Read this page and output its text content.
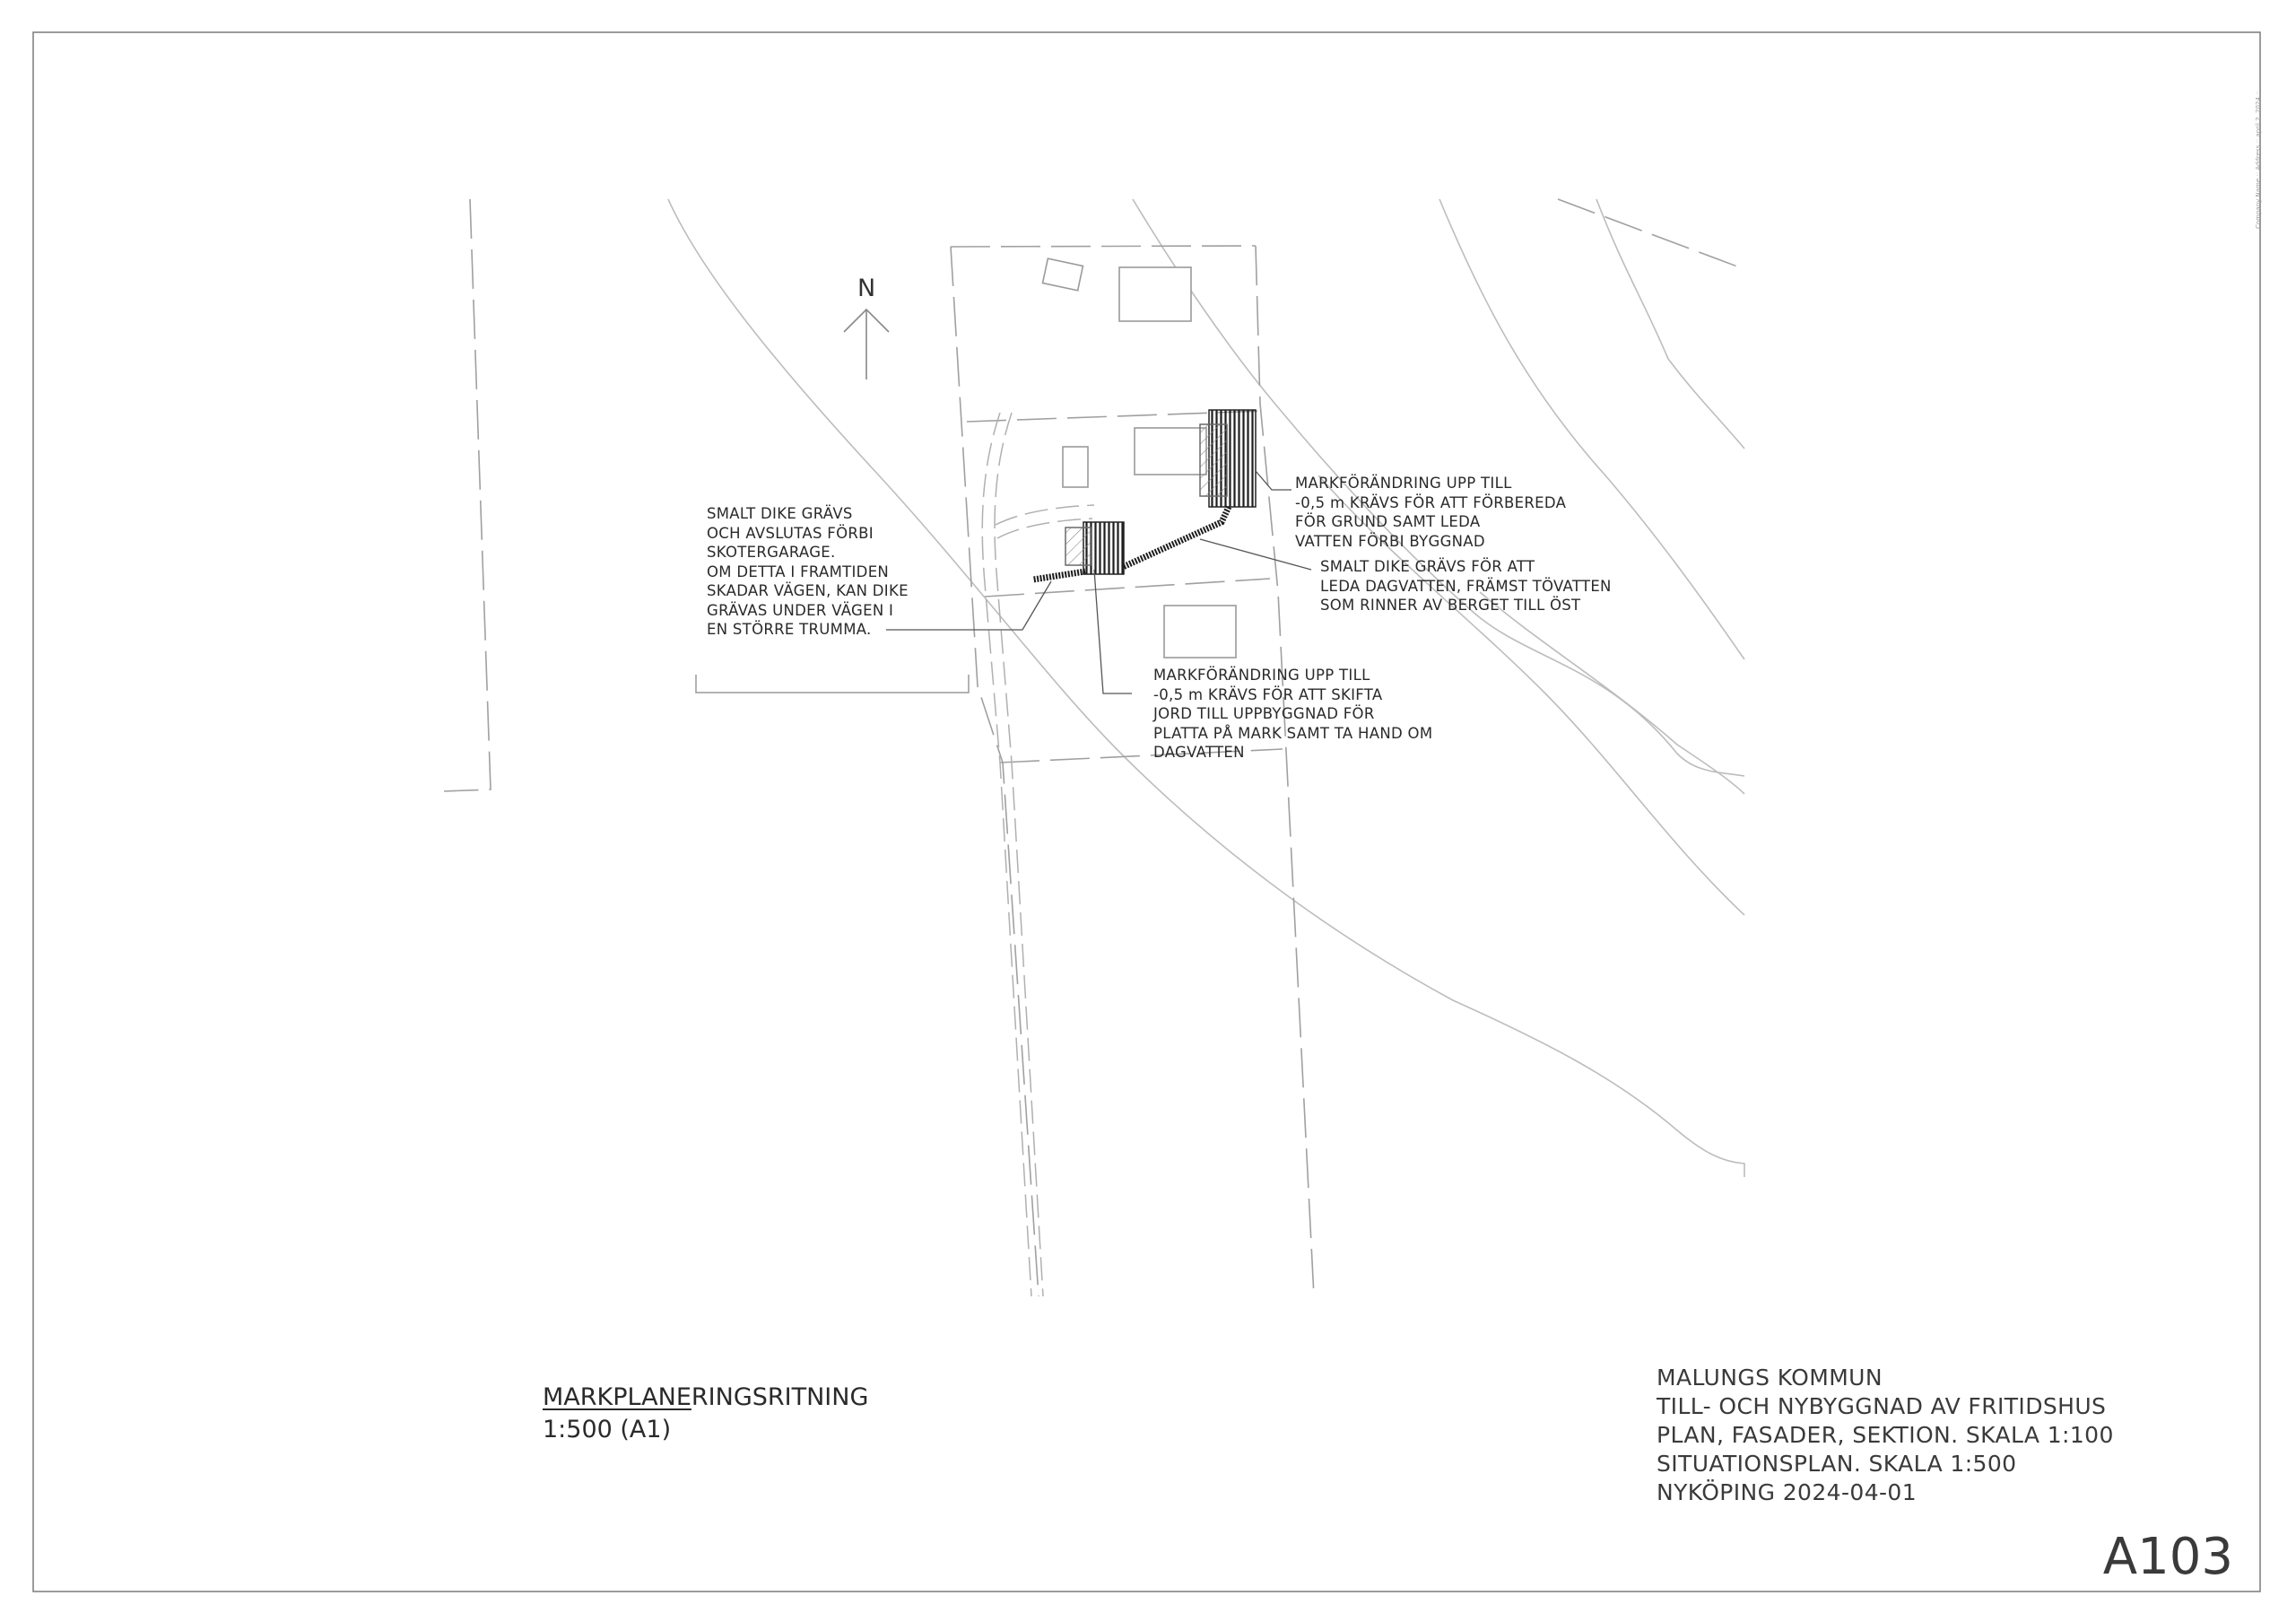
N
SMALT DIKE GRÄVS
OCH AVSLUTAS FÖRBI
SKOTERGARAGE.
OM DETTA I FRAMTIDEN
SKADAR VÄGEN, KAN DIKE
GRÄVAS UNDER VÄGEN I
EN STÖRRE TRUMMA.
MARKFÖRÄNDRING UPP TILL
-0,5 m KRÄVS FÖR ATT FÖRBEREDA
FÖR GRUND SAMT LEDA
VATTEN FÖRBI BYGGNAD
SMALT DIKE GRÄVS FÖR ATT
LEDA DAGVATTEN, FRÄMST TÖVATTEN
SOM RINNER AV BERGET TILL ÖST
MARKFÖRÄNDRING UPP TILL
-0,5 m KRÄVS FÖR ATT SKIFTA
JORD TILL UPPBYGGNAD FÖR
PLATTA PÅ MARK SAMT TA HAND OM
DAGVATTEN
MARKPLANERINGSRITNING
1:500 (A1)
MALUNGS KOMMUN
TILL- OCH NYBYGGNAD AV FRITIDSHUS
PLAN, FASADER, SEKTION. SKALA 1:100
SITUATIONSPLAN. SKALA 1:500
NYKÖPING 2024-04-01
A103
Company Name :: Address :: april 2, 2024 ::
